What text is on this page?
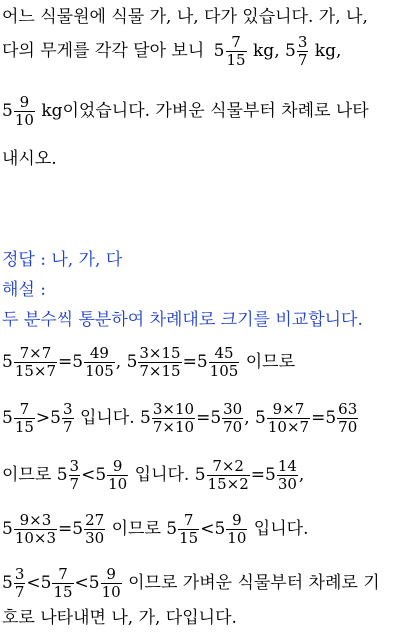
어느 식물원에 식물 가, 나, 다가 있습니다. 가, 나,
다의 무게를 각각 달아 보니 $5 \frac{7}{15}$ kg, $5 \frac{3}{7}$ kg,
$5 \frac{9}{10}$ kg이었습니다. 가벼운 식물부터 차례로 나타
내시오.
정답 : 나, 가, 다
해설 :
두 분수씩 통분하여 차례대로 크기를 비교합니다.
$5 \frac{7\times 7}{15\times 7} =5 \frac{49}{105}$ , $5 \frac{3\times 15}{7\times 15} =5 \frac{45}{105}$ 이므로
$5 \frac{7}{15} >5 \frac{3}{7}$ 입니다. $5 \frac{3\times 10}{7\times 10} =5 \frac{30}{70}$ , $5 \frac{9\times 7}{10\times 7} =5 \frac{63}{70}$
이므로 $5 \frac{3}{7} <5 \frac{9}{10}$ 입니다. $5 \frac{7\times 2}{15\times 2} =5 \frac{14}{30}$ ,
$5 \frac{9\times 3}{10\times 3} =5 \frac{27}{30}$ 이므로 $5 \frac{7}{15} <5 \frac{9}{10}$ 입니다.
$5 \frac{3}{7} <5 \frac{7}{15} <5 \frac{9}{10}$ 이므로 가벼운 식물부터 차례로 기
호로 나타내면 나, 가, 다입니다.
